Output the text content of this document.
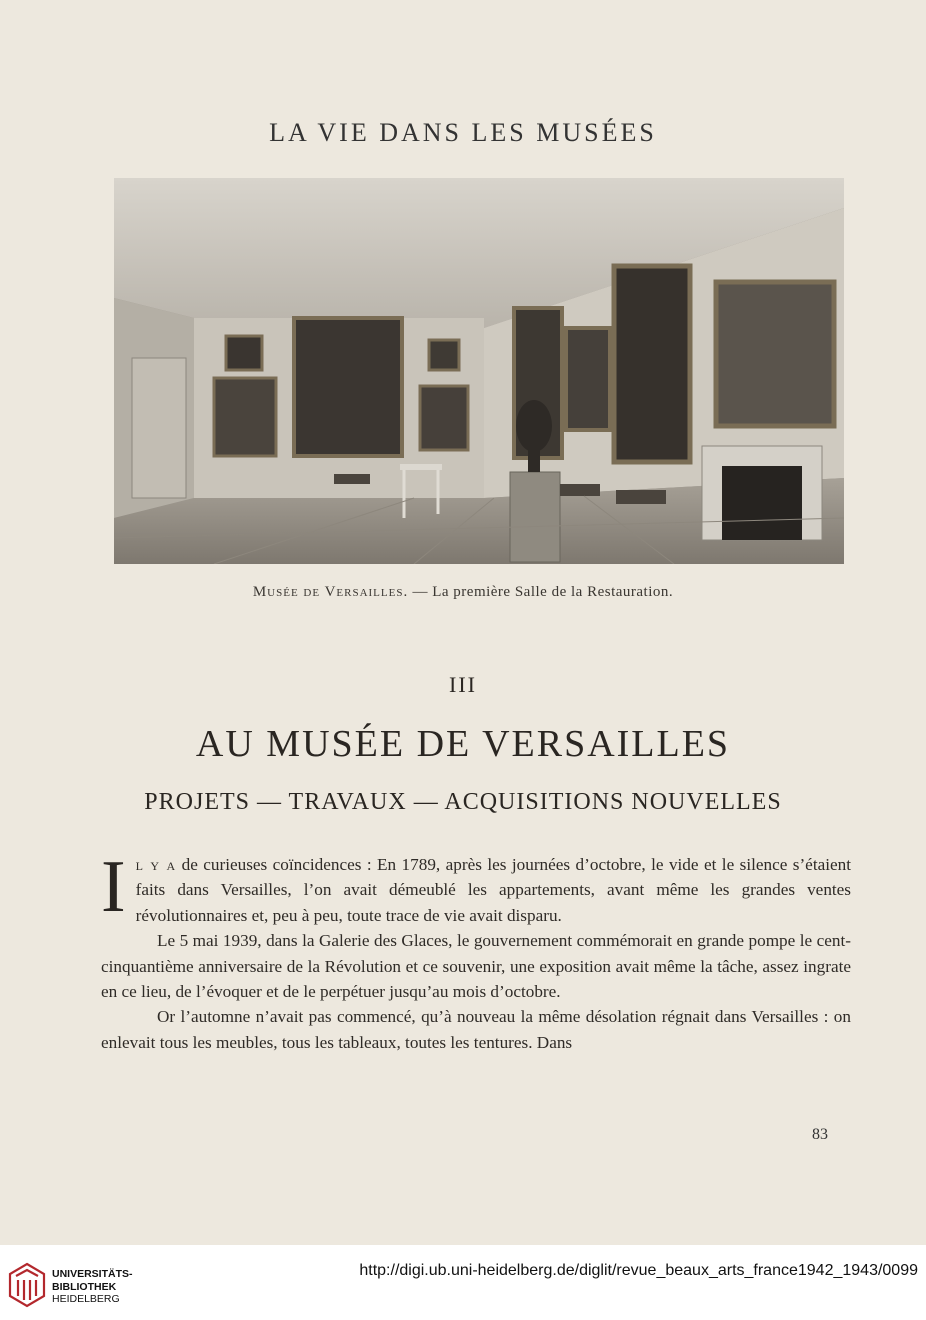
LA VIE DANS LES MUSÉES
Musée de Versailles. — La première Salle de la Restauration.
III
AU MUSÉE DE VERSAILLES
PROJETS — TRAVAUX — ACQUISITIONS NOUVELLES

Il y a de curieuses coïncidences : En 1789, après les journées d’octobre, le vide et le silence s’étaient faits dans Versailles, l’on avait démeublé les appartements, avant même les grandes ventes révolutionnaires et, peu à peu, toute trace de vie avait disparu.

Le 5 mai 1939, dans la Galerie des Glaces, le gouvernement commémorait en grande pompe le cent-cinquantième anniversaire de la Révolution et ce souvenir, une exposition avait même la tâche, assez ingrate en ce lieu, de l’évoquer et de le perpétuer jusqu’au mois d’octobre.

Or l’automne n’avait pas commencé, qu’à nouveau la même désolation régnait dans Versailles : on enlevait tous les meubles, tous les tableaux, toutes les tentures. Dans

83
UNIVERSITÄTS-
BIBLIOTHEK
HEIDELBERG
http://digi.ub.uni-heidelberg.de/diglit/revue_beaux_arts_france1942_1943/0099
